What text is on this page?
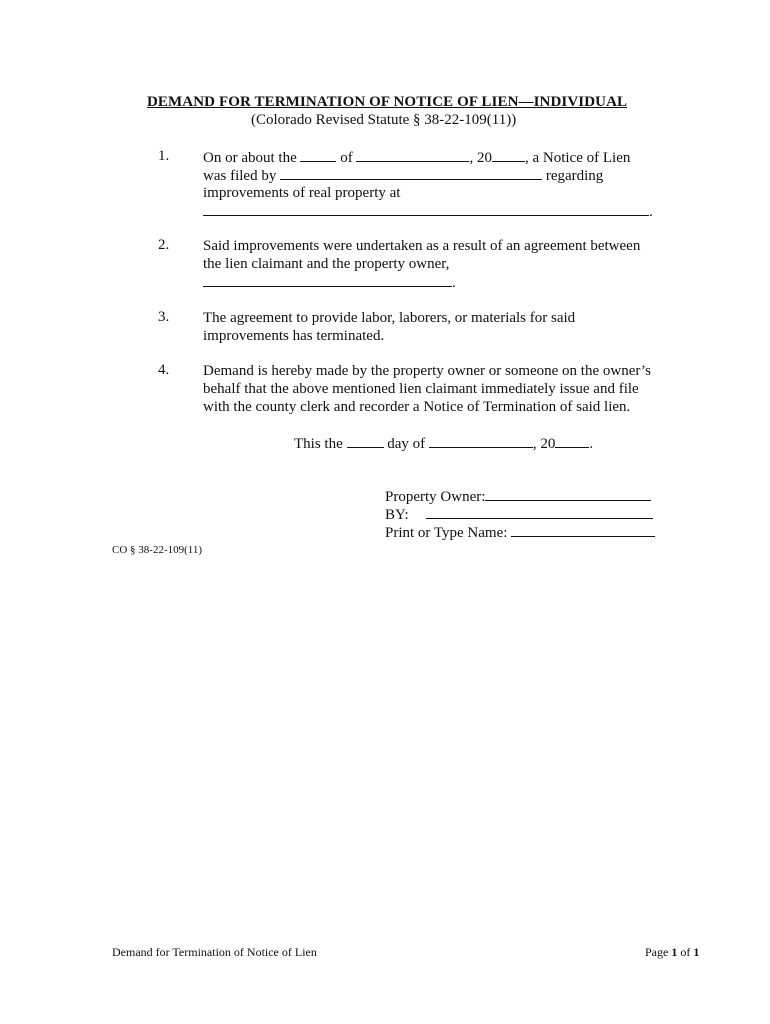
DEMAND FOR TERMINATION OF NOTICE OF LIEN—INDIVIDUAL
(Colorado Revised Statute § 38-22-109(11))
1. On or about the	of	, 20 , a Notice of Lien
was filed by	regarding
improvements of real property at
.
2. Said improvements were undertaken as a result of an agreement between
the lien claimant and the property owner,
.
3. The agreement to provide labor, laborers, or materials for said
improvements has terminated.
4. Demand is hereby made by the property owner or someone on the owner’s
behalf that the above mentioned lien claimant immediately issue and file
with the county clerk and recorder a Notice of Termination of said lien.
This the	day of	, 20 .
Property Owner:
BY:
Print or Type Name:
CO § 38-22-109(11)
Demand for Termination of Notice of Lien	Page 1 of 1
